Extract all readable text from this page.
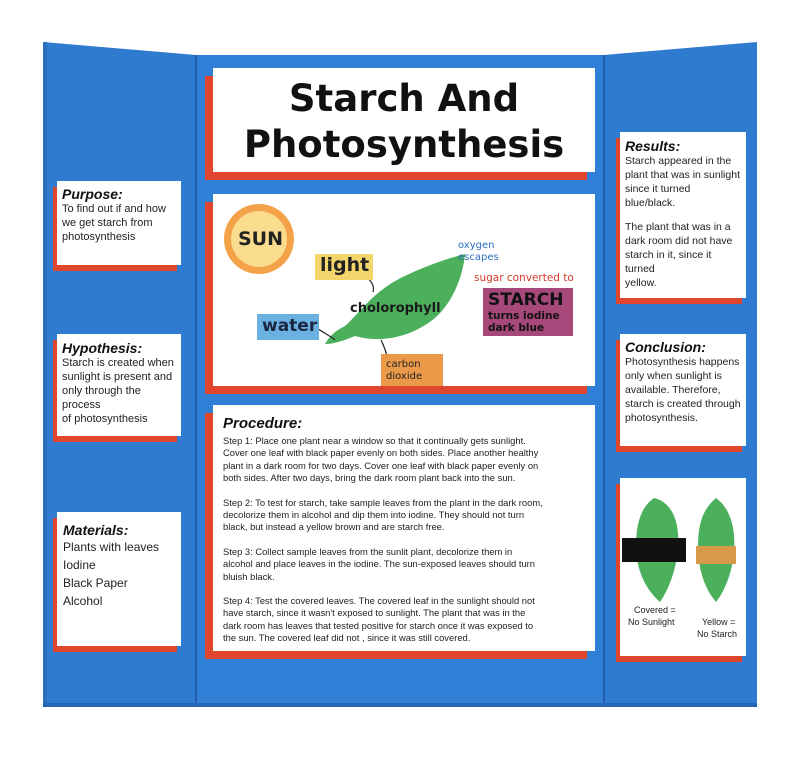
Starch And
Photosynthesis
Purpose:

To find out if and how

we get starch from

photosynthesis

Hypothesis:

Starch is created when

sunlight is present and

only through the process

of photosynthesis

Materials:

Plants with leaves

Iodine

Black Paper

Alcohol

SUN
light
water
cholorophyll
carbon
dioxide
oxygen
escapes
sugar converted to
STARCH
turns iodine
dark blue
Procedure:
Step 1: Place one plant near a window so that it continually gets sunlight.
Cover one leaf with black paper evenly on both sides. Place another healthy
plant in a dark room for two days. Cover one leaf with black paper evenly on
both sides. After two days, bring the dark room plant back into the sun.
Step 2: To test for starch, take sample leaves from the plant in the dark room,
decolorize them in alcohol and dip them into iodine. They should not turn
black, but instead a yellow brown and are starch free.
Step 3: Collect sample leaves from the sunlit plant, decolorize them in
alcohol and place leaves in the iodine. The sun-exposed leaves should turn
bluish black.
Step 4: Test the covered leaves. The covered leaf in the sunlight should not
have starch, since it wasn't exposed to sunlight. The plant that was in the
dark room has leaves that tested positive for starch once it was exposed to
the sun. The covered leaf did not , since it was still covered.
Results:

Starch appeared in the

plant that was in sunlight

since it turned blue/black.

The plant that was in a

dark room did not have

starch in it, since it turned

yellow.

Conclusion:

Photosynthesis happens

only when sunlight is

available. Therefore,

starch is created through

photosynthesis.

Covered =
No Sunlight	Yellow =
No Starch
